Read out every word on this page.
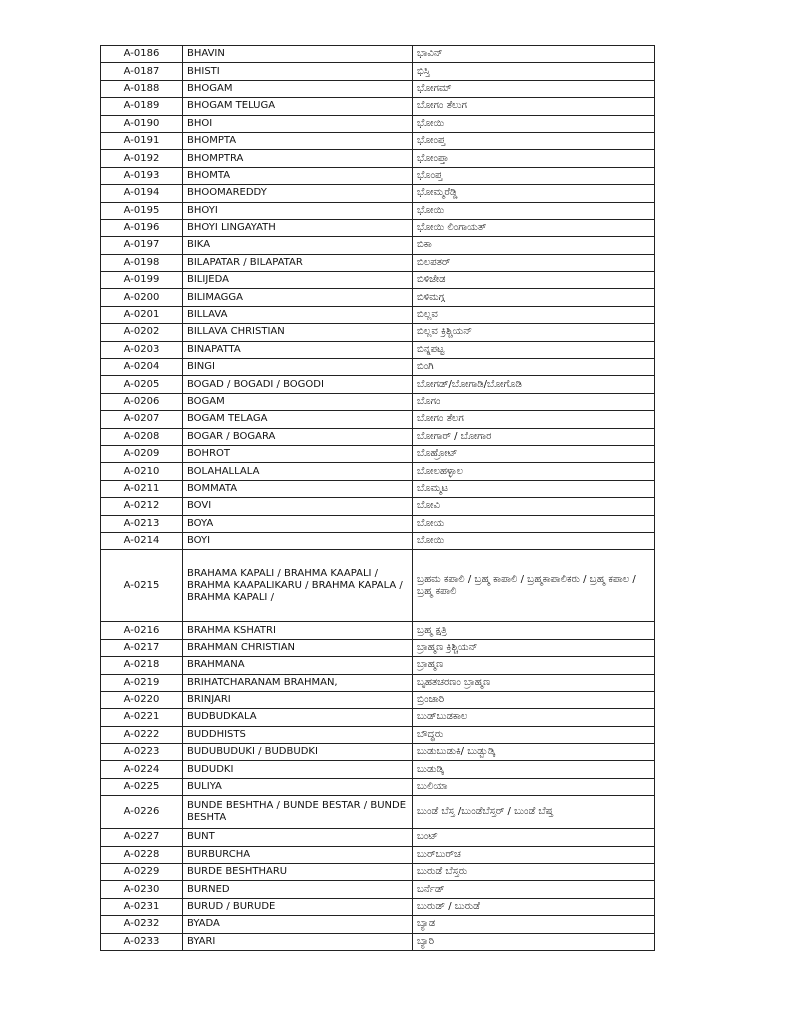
A-0186	BHAVIN	ಭಾವಿನ್
A-0187	BHISTI	ಭಿಸ್ತಿ
A-0188	BHOGAM	ಭೋಗಮ್
A-0189	BHOGAM TELUGA	ಬೋಗಂ ತೆಲುಗ
A-0190	BHOI	ಭೋಯಿ
A-0191	BHOMPTA	ಭೋಂಪ್ತ
A-0192	BHOMPTRA	ಭೋಂಪ್ತಾ
A-0193	BHOMTA	ಭೊಂಪ್ತ
A-0194	BHOOMAREDDY	ಭೋಮ್ಮರೆಡ್ಡಿ
A-0195	BHOYI	ಭೋಯಿ
A-0196	BHOYI LINGAYATH	ಭೋಯಿ ಲಿಂಗಾಯತ್
A-0197	BIKA	ಬಿಕಾ
A-0198	BILAPATAR / BILAPATAR	ಬಿಲಪತರ್
A-0199	BILIJEDA	ಬಿಳಿಜೇಡ
A-0200	BILIMAGGA	ಬಿಳಿಮಗ್ಗ
A-0201	BILLAVA	ಬಿಲ್ಲವ
A-0202	BILLAVA CHRISTIAN	ಬಿಲ್ಲವ ಕ್ರಿಶ್ಚಿಯನ್
A-0203	BINAPATTA	ಬಿನ್ನಪಟ್ಟ
A-0204	BINGI	ಬಿಂಗಿ
A-0205	BOGAD / BOGADI / BOGODI	ಬೋಗಡ್/ಬೋಗಾಡಿ/ಬೋಗೊಡಿ
A-0206	BOGAM	ಬೊಗಂ
A-0207	BOGAM TELAGA	ಬೋಗಂ ತೆಲಗ
A-0208	BOGAR / BOGARA	ಬೋಗಾರ್ / ಬೋಗಾರ
A-0209	BOHROT	ಬೊಹ್ರೋಟ್
A-0210	BOLAHALLALA	ಬೋಲಹಳ್ಳಾಲ
A-0211	BOMMATA	ಬೊಮ್ಮಟ
A-0212	BOVI	ಬೋವಿ
A-0213	BOYA	ಬೋಯ
A-0214	BOYI	ಬೋಯಿ
A-0215	BRAHAMA KAPALI / BRAHMA KAAPALI / BRAHMA KAAPALIKARU / BRAHMA KAPALA / BRAHMA KAPALI /	ಬ್ರಹಮ ಕಪಾಲಿ / ಬ್ರಹ್ಮ ಕಾಪಾಲಿ / ಬ್ರಹ್ಮಕಾಪಾಲಿಕರು / ಬ್ರಹ್ಮ ಕಪಾಲ / ಬ್ರಹ್ಮ ಕಪಾಲಿ
A-0216	BRAHMA KSHATRI	ಬ್ರಹ್ಮ ಕ್ಷತ್ರಿ
A-0217	BRAHMAN CHRISTIAN	ಬ್ರಾಹ್ಮಣ ಕ್ರಿಶ್ಚಿಯನ್
A-0218	BRAHMANA	ಬ್ರಾಹ್ಮಣ
A-0219	BRIHATCHARANAM BRAHMAN,	ಬೃಹತಚರಣಂ ಬ್ರಾಹ್ಮಣ
A-0220	BRINJARI	ಬ್ರಿಂಜಾರಿ
A-0221	BUDBUDKALA	ಬುಡ್‌ಬುಡಕಾಲ
A-0222	BUDDHISTS	ಬೌದ್ಧರು
A-0223	BUDUBUDUKI / BUDBUDKI	ಬುಡುಬುಡುಕಿ/ ಬುಡ್ಬುಡ್ಕಿ
A-0224	BUDUDKI	ಬುಡುಡ್ಕಿ
A-0225	BULIYA	ಬುಲಿಯಾ
A-0226	BUNDE BESHTHA / BUNDE BESTAR / BUNDE BESHTA	ಬುಂಡೆ ಬೆಸ್ತ /ಬುಂಡೆಬೆಸ್ತರ್ / ಬುಂಡೆ ಬೆಷ್ತ
A-0227	BUNT	ಬಂಟ್
A-0228	BURBURCHA	ಬುರ್‌ಬುರ್‌ಚ
A-0229	BURDE BESHTHARU	ಬುರುಡೆ ಬೆಸ್ತರು
A-0230	BURNED	ಬರ್ನೆಡ್
A-0231	BURUD / BURUDE	ಬುರುಡ್ / ಬುರುಡೆ
A-0232	BYADA	ಬ್ಯಾಡ
A-0233	BYARI	ಬ್ಯಾರಿ
